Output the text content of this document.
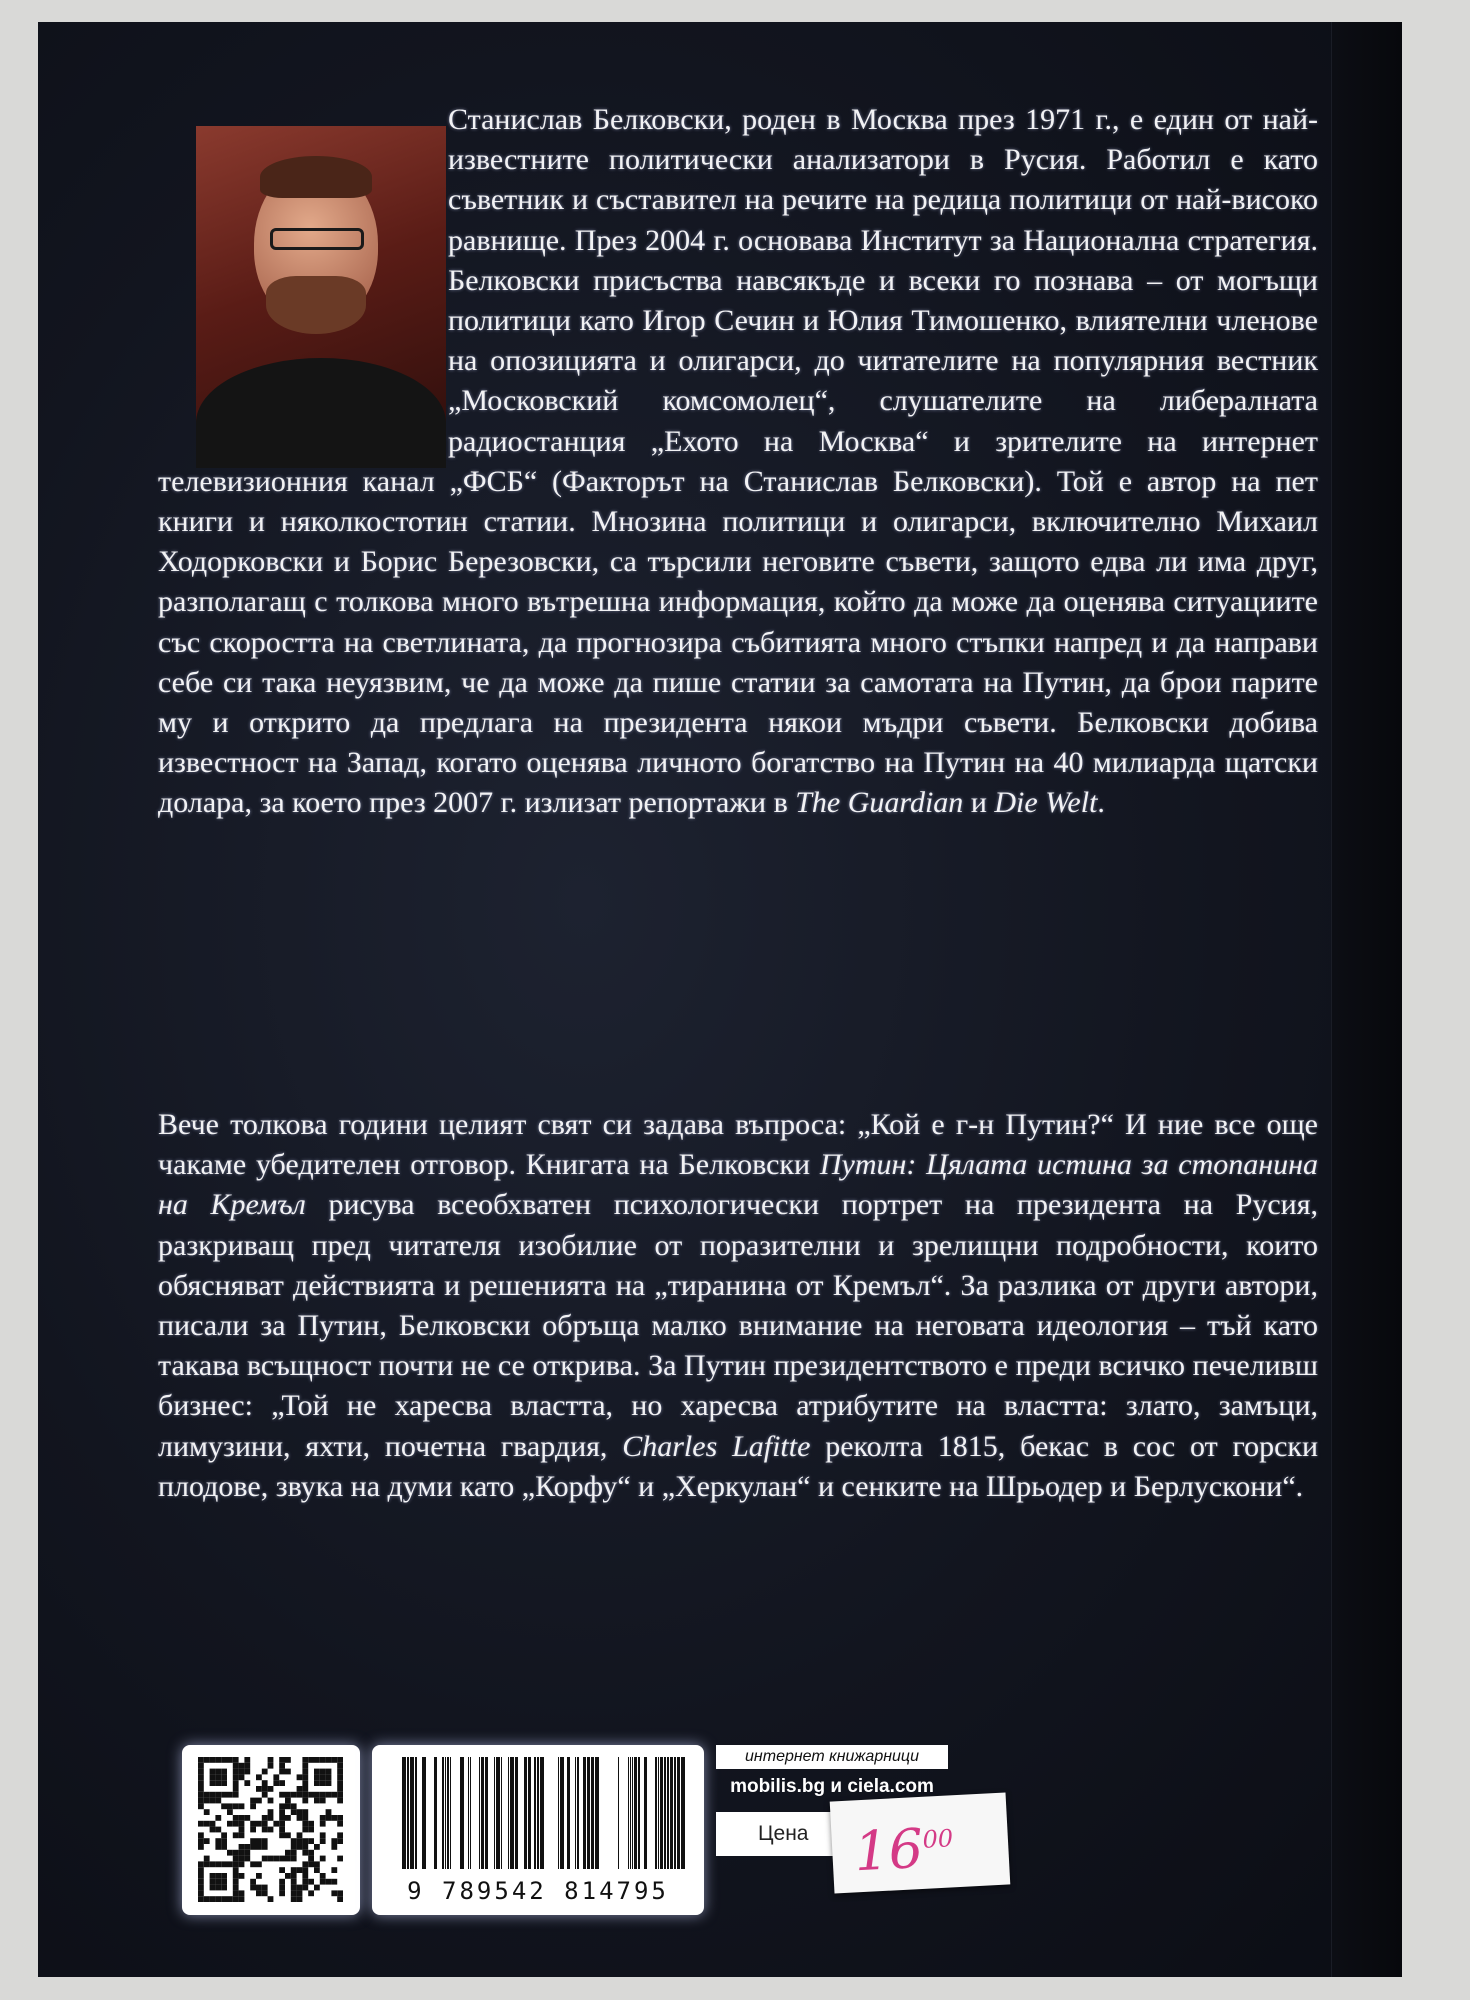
Станислав Белковски, роден в Москва през 1971 г., е един от най-известните политически анализатори в Русия. Работил е като съветник и съставител на речите на редица политици от най-високо равнище. През 2004 г. основава Институт за Национална стратегия. Белковски присъства навсякъде и всеки го познава – от могъщи политици като Игор Сечин и Юлия Тимошенко, влиятелни членове на опозицията и олигарси, до читателите на популярния вестник „Московский комсомолец“, слушателите на либералната радиостанция „Ехото на Москва“ и зрителите на интернет телевизионния канал „ФСБ“ (Факторът на Станислав Белковски). Той е автор на пет книги и няколкостотин статии. Мнозина политици и олигарси, включително Михаил Ходорковски и Борис Березовски, са търсили неговите съвети, защото едва ли има друг, разполагащ с толкова много вътрешна информация, който да може да оценява ситуациите със скоростта на светлината, да прогнозира събитията много стъпки напред и да направи себе си така неуязвим, че да може да пише статии за самотата на Путин, да брои парите му и открито да предлага на президента някои мъдри съвети. Белковски добива известност на Запад, когато оценява личното богатство на Путин на 40 милиарда щатски долара, за което през 2007 г. излизат репортажи в The Guardian и Die Welt.

Вече толкова години целият свят си задава въпроса: „Кой е г-н Путин?“ И ние все още чакаме убедителен отговор. Книгата на Белковски Путин: Цялата истина за стопанина на Кремъл рисува всеобхватен психологически портрет на президента на Русия, разкриващ пред читателя изобилие от поразителни и зрелищни подробности, които обясняват действията и решенията на „тиранина от Кремъл“. За разлика от други автори, писали за Путин, Белковски обръща малко внимание на неговата идеология – тъй като такава всъщност почти не се открива. За Путин президентството е преди всичко печеливш бизнес: „Той не харесва властта, но харесва атрибутите на властта: злато, замъци, лимузини, яхти, почетна гвардия, Charles Lafitte реколта 1815, бекас в сос от горски плодове, звука на думи като „Корфу“ и „Херкулан“ и сенките на Шрьодер и Берлускони“.

9 789542 814795
интернет книжарници
mobilis.bg и ciela.com
Цена $16^{00}$
